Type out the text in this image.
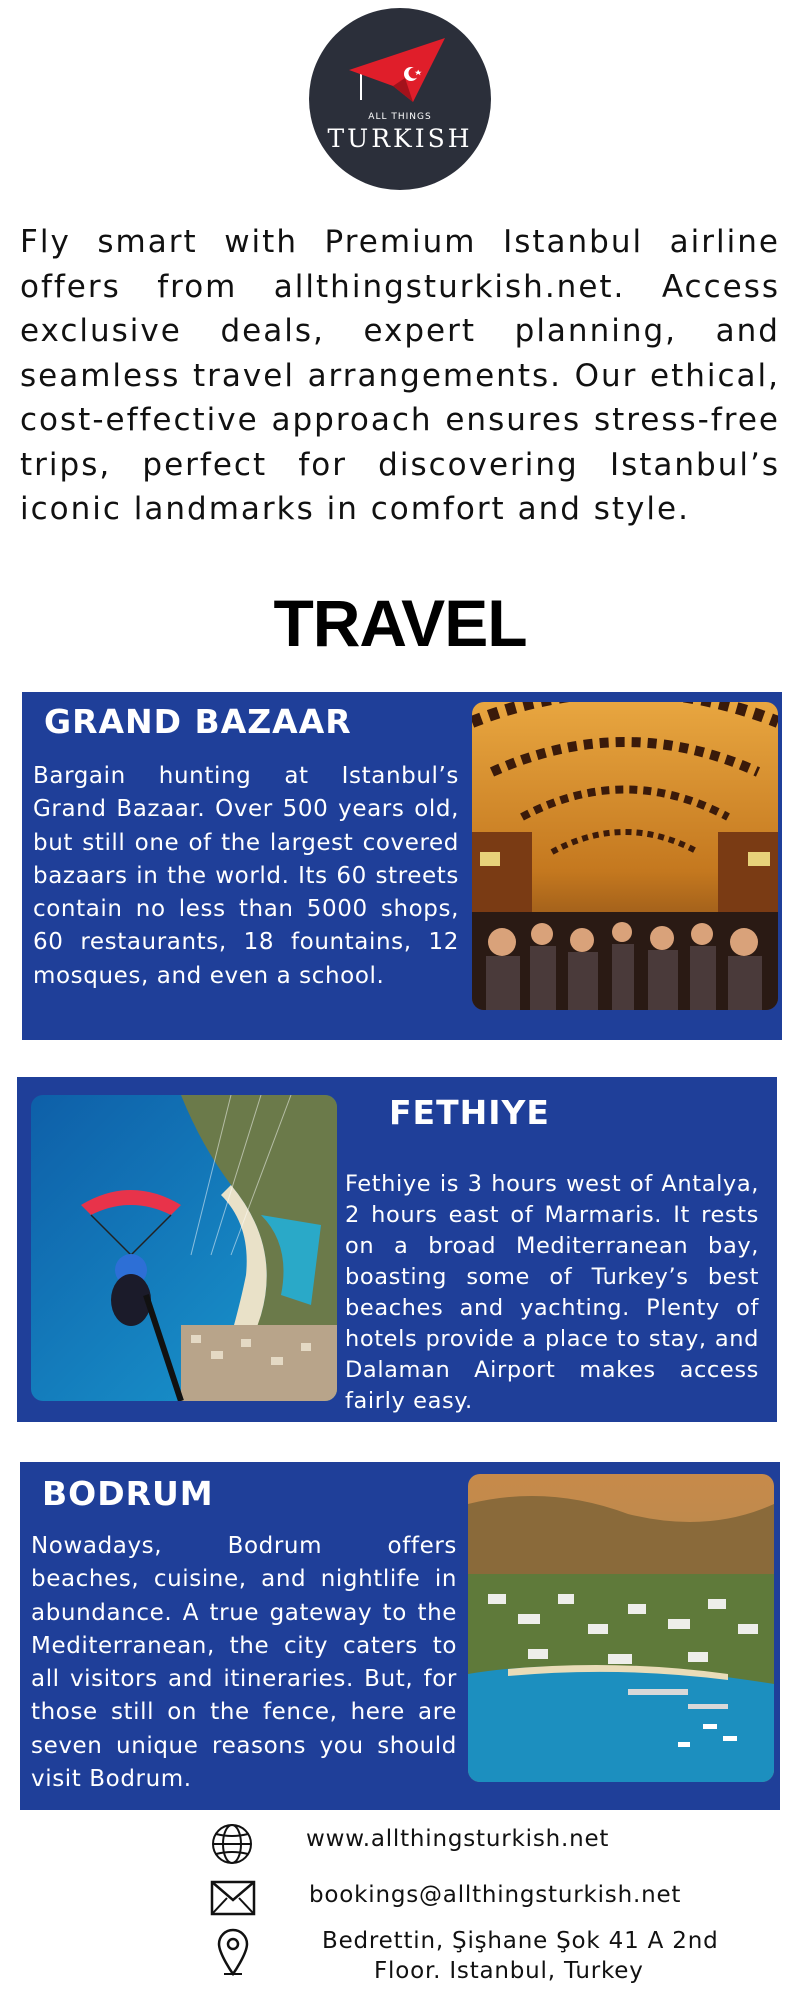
ALL THINGS
TURKISH

Fly smart with Premium Istanbul airline offers from allthingsturkish.net. Access exclusive deals, expert planning, and seamless travel arrangements. Our ethical, cost-effective approach ensures stress-free trips, perfect for discovering Istanbul’s iconic landmarks in comfort and style.

TRAVEL
GRAND BAZAAR

Bargain hunting at Istanbul’s Grand Bazaar. Over 500 years old, but still one of the largest covered bazaars in the world. Its 60 streets contain no less than 5000 shops, 60 restaurants, 18 fountains, 12 mosques, and even a school.

FETHIYE

Fethiye is 3 hours west of Antalya, 2 hours east of Marmaris. It rests on a broad Mediterranean bay, boasting some of Turkey’s best beaches and yachting. Plenty of hotels provide a place to stay, and Dalaman Airport makes access fairly easy.

BODRUM

Nowadays, Bodrum offers beaches, cuisine, and nightlife in abundance. A true gateway to the Mediterranean, the city caters to all visitors and itineraries. But, for those still on the fence, here are seven unique reasons you should visit Bodrum.

www.allthingsturkish.net
bookings@allthingsturkish.net
Bedrettin, Şişhane Şok 41 A 2nd
Floor. Istanbul, Turkey
